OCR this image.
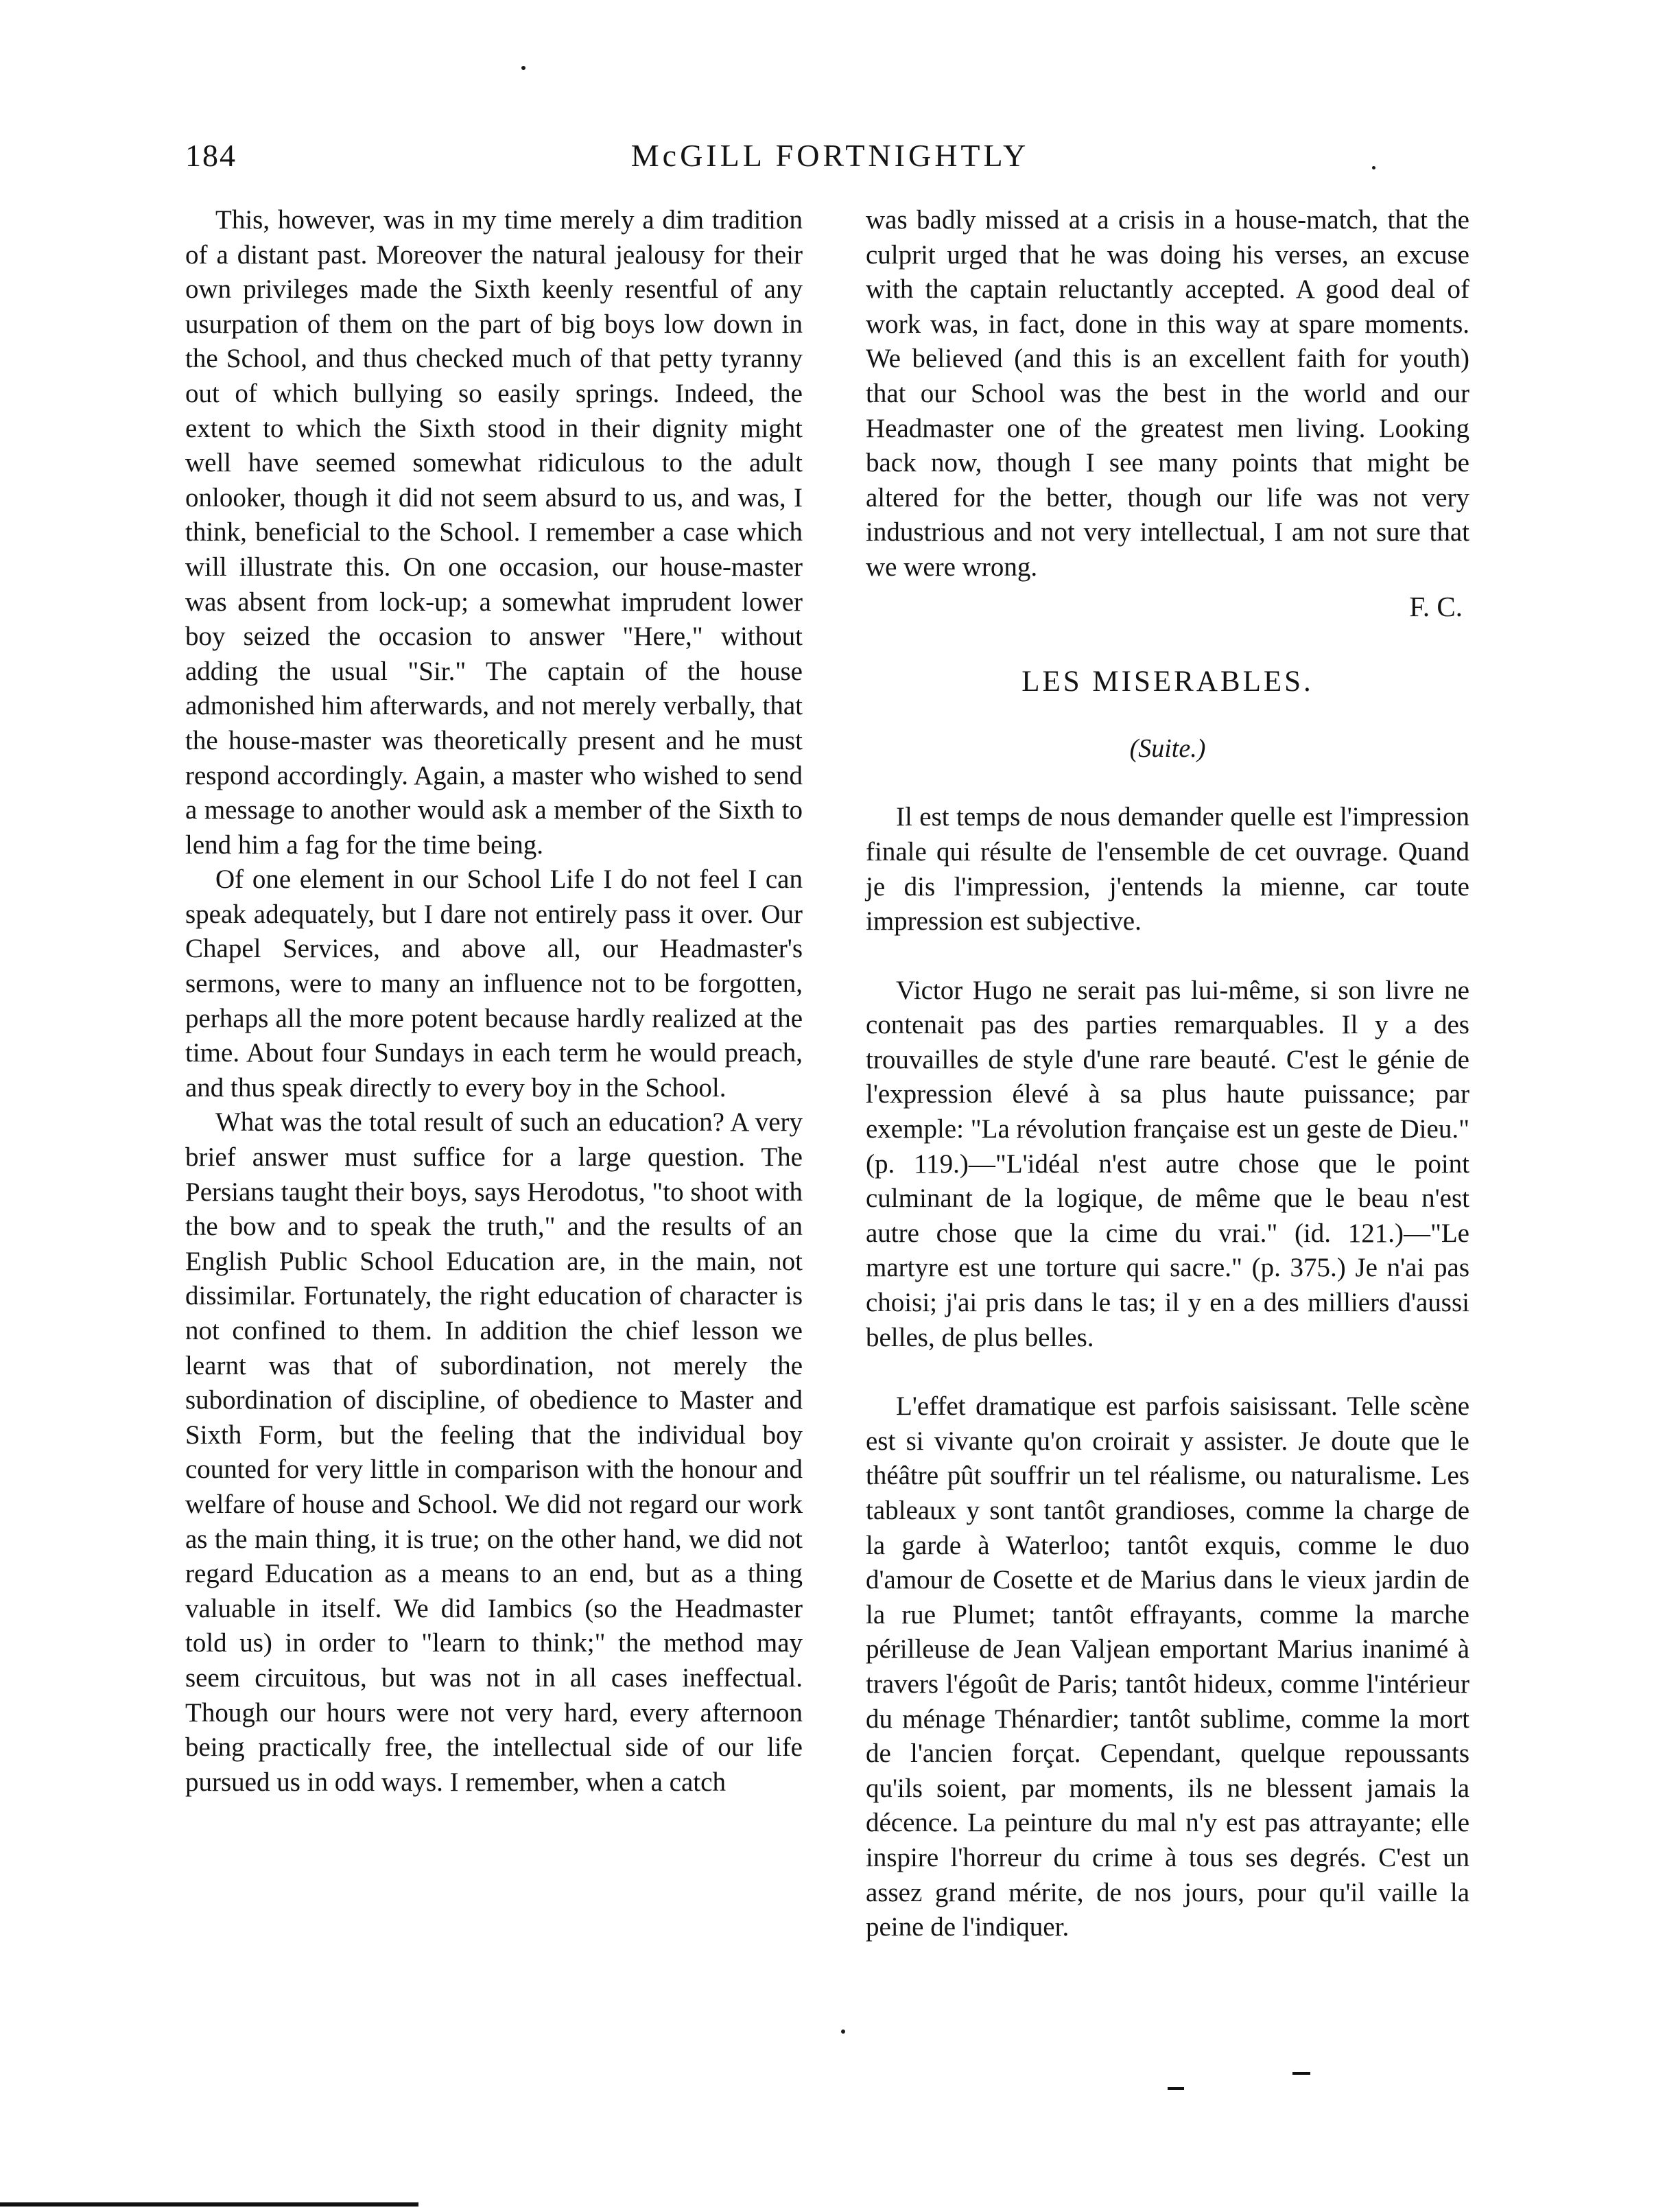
184	McGILL FORTNIGHTLY

This, however, was in my time merely a dim tradition of a distant past. Moreover the natural jealousy for their own privileges made the Sixth keenly resentful of any usurpation of them on the part of big boys low down in the School, and thus checked much of that petty tyranny out of which bullying so easily springs. Indeed, the extent to which the Sixth stood in their dignity might well have seemed somewhat ridiculous to the adult onlooker, though it did not seem absurd to us, and was, I think, beneficial to the School. I remember a case which will illustrate this. On one occasion, our house-master was absent from lock-up; a somewhat imprudent lower boy seized the occasion to answer "Here," without adding the usual "Sir." The captain of the house admonished him afterwards, and not merely verbally, that the house-master was theoretically present and he must respond accordingly. Again, a master who wished to send a message to another would ask a member of the Sixth to lend him a fag for the time being.

Of one element in our School Life I do not feel I can speak adequately, but I dare not entirely pass it over. Our Chapel Services, and above all, our Headmaster's sermons, were to many an influence not to be forgotten, perhaps all the more potent because hardly realized at the time. About four Sundays in each term he would preach, and thus speak directly to every boy in the School.

What was the total result of such an education? A very brief answer must suffice for a large question. The Persians taught their boys, says Herodotus, "to shoot with the bow and to speak the truth," and the results of an English Public School Education are, in the main, not dissimilar. Fortunately, the right education of character is not confined to them. In addition the chief lesson we learnt was that of subordination, not merely the subordination of discipline, of obedience to Master and Sixth Form, but the feeling that the individual boy counted for very little in comparison with the honour and welfare of house and School. We did not regard our work as the main thing, it is true; on the other hand, we did not regard Education as a means to an end, but as a thing valuable in itself. We did Iambics (so the Headmaster told us) in order to "learn to think;" the method may seem circuitous, but was not in all cases ineffectual. Though our hours were not very hard, every afternoon being practically free, the intellectual side of our life pursued us in odd ways. I remember, when a catch

was badly missed at a crisis in a house-match, that the culprit urged that he was doing his verses, an excuse with the captain reluctantly accepted. A good deal of work was, in fact, done in this way at spare moments. We believed (and this is an excellent faith for youth) that our School was the best in the world and our Headmaster one of the greatest men living. Looking back now, though I see many points that might be altered for the better, though our life was not very industrious and not very intellectual, I am not sure that we were wrong.

F. C.
LES MISERABLES.
(Suite.)

Il est temps de nous demander quelle est l'impression finale qui résulte de l'ensemble de cet ouvrage. Quand je dis l'impression, j'entends la mienne, car toute impression est subjective.

Victor Hugo ne serait pas lui-même, si son livre ne contenait pas des parties remarquables. Il y a des trouvailles de style d'une rare beauté. C'est le génie de l'expression élevé à sa plus haute puissance; par exemple: "La révolution française est un geste de Dieu." (p. 119.)—"L'idéal n'est autre chose que le point culminant de la logique, de même que le beau n'est autre chose que la cime du vrai." (id. 121.)—"Le martyre est une torture qui sacre." (p. 375.) Je n'ai pas choisi; j'ai pris dans le tas; il y en a des milliers d'aussi belles, de plus belles.

L'effet dramatique est parfois saisissant. Telle scène est si vivante qu'on croirait y assister. Je doute que le théâtre pût souffrir un tel réalisme, ou naturalisme. Les tableaux y sont tantôt grandioses, comme la charge de la garde à Waterloo; tantôt exquis, comme le duo d'amour de Cosette et de Marius dans le vieux jardin de la rue Plumet; tantôt effrayants, comme la marche périlleuse de Jean Valjean emportant Marius inanimé à travers l'égoût de Paris; tantôt hideux, comme l'intérieur du ménage Thénardier; tantôt sublime, comme la mort de l'ancien forçat. Cependant, quelque repoussants qu'ils soient, par moments, ils ne blessent jamais la décence. La peinture du mal n'y est pas attrayante; elle inspire l'horreur du crime à tous ses degrés. C'est un assez grand mérite, de nos jours, pour qu'il vaille la peine de l'indiquer.
